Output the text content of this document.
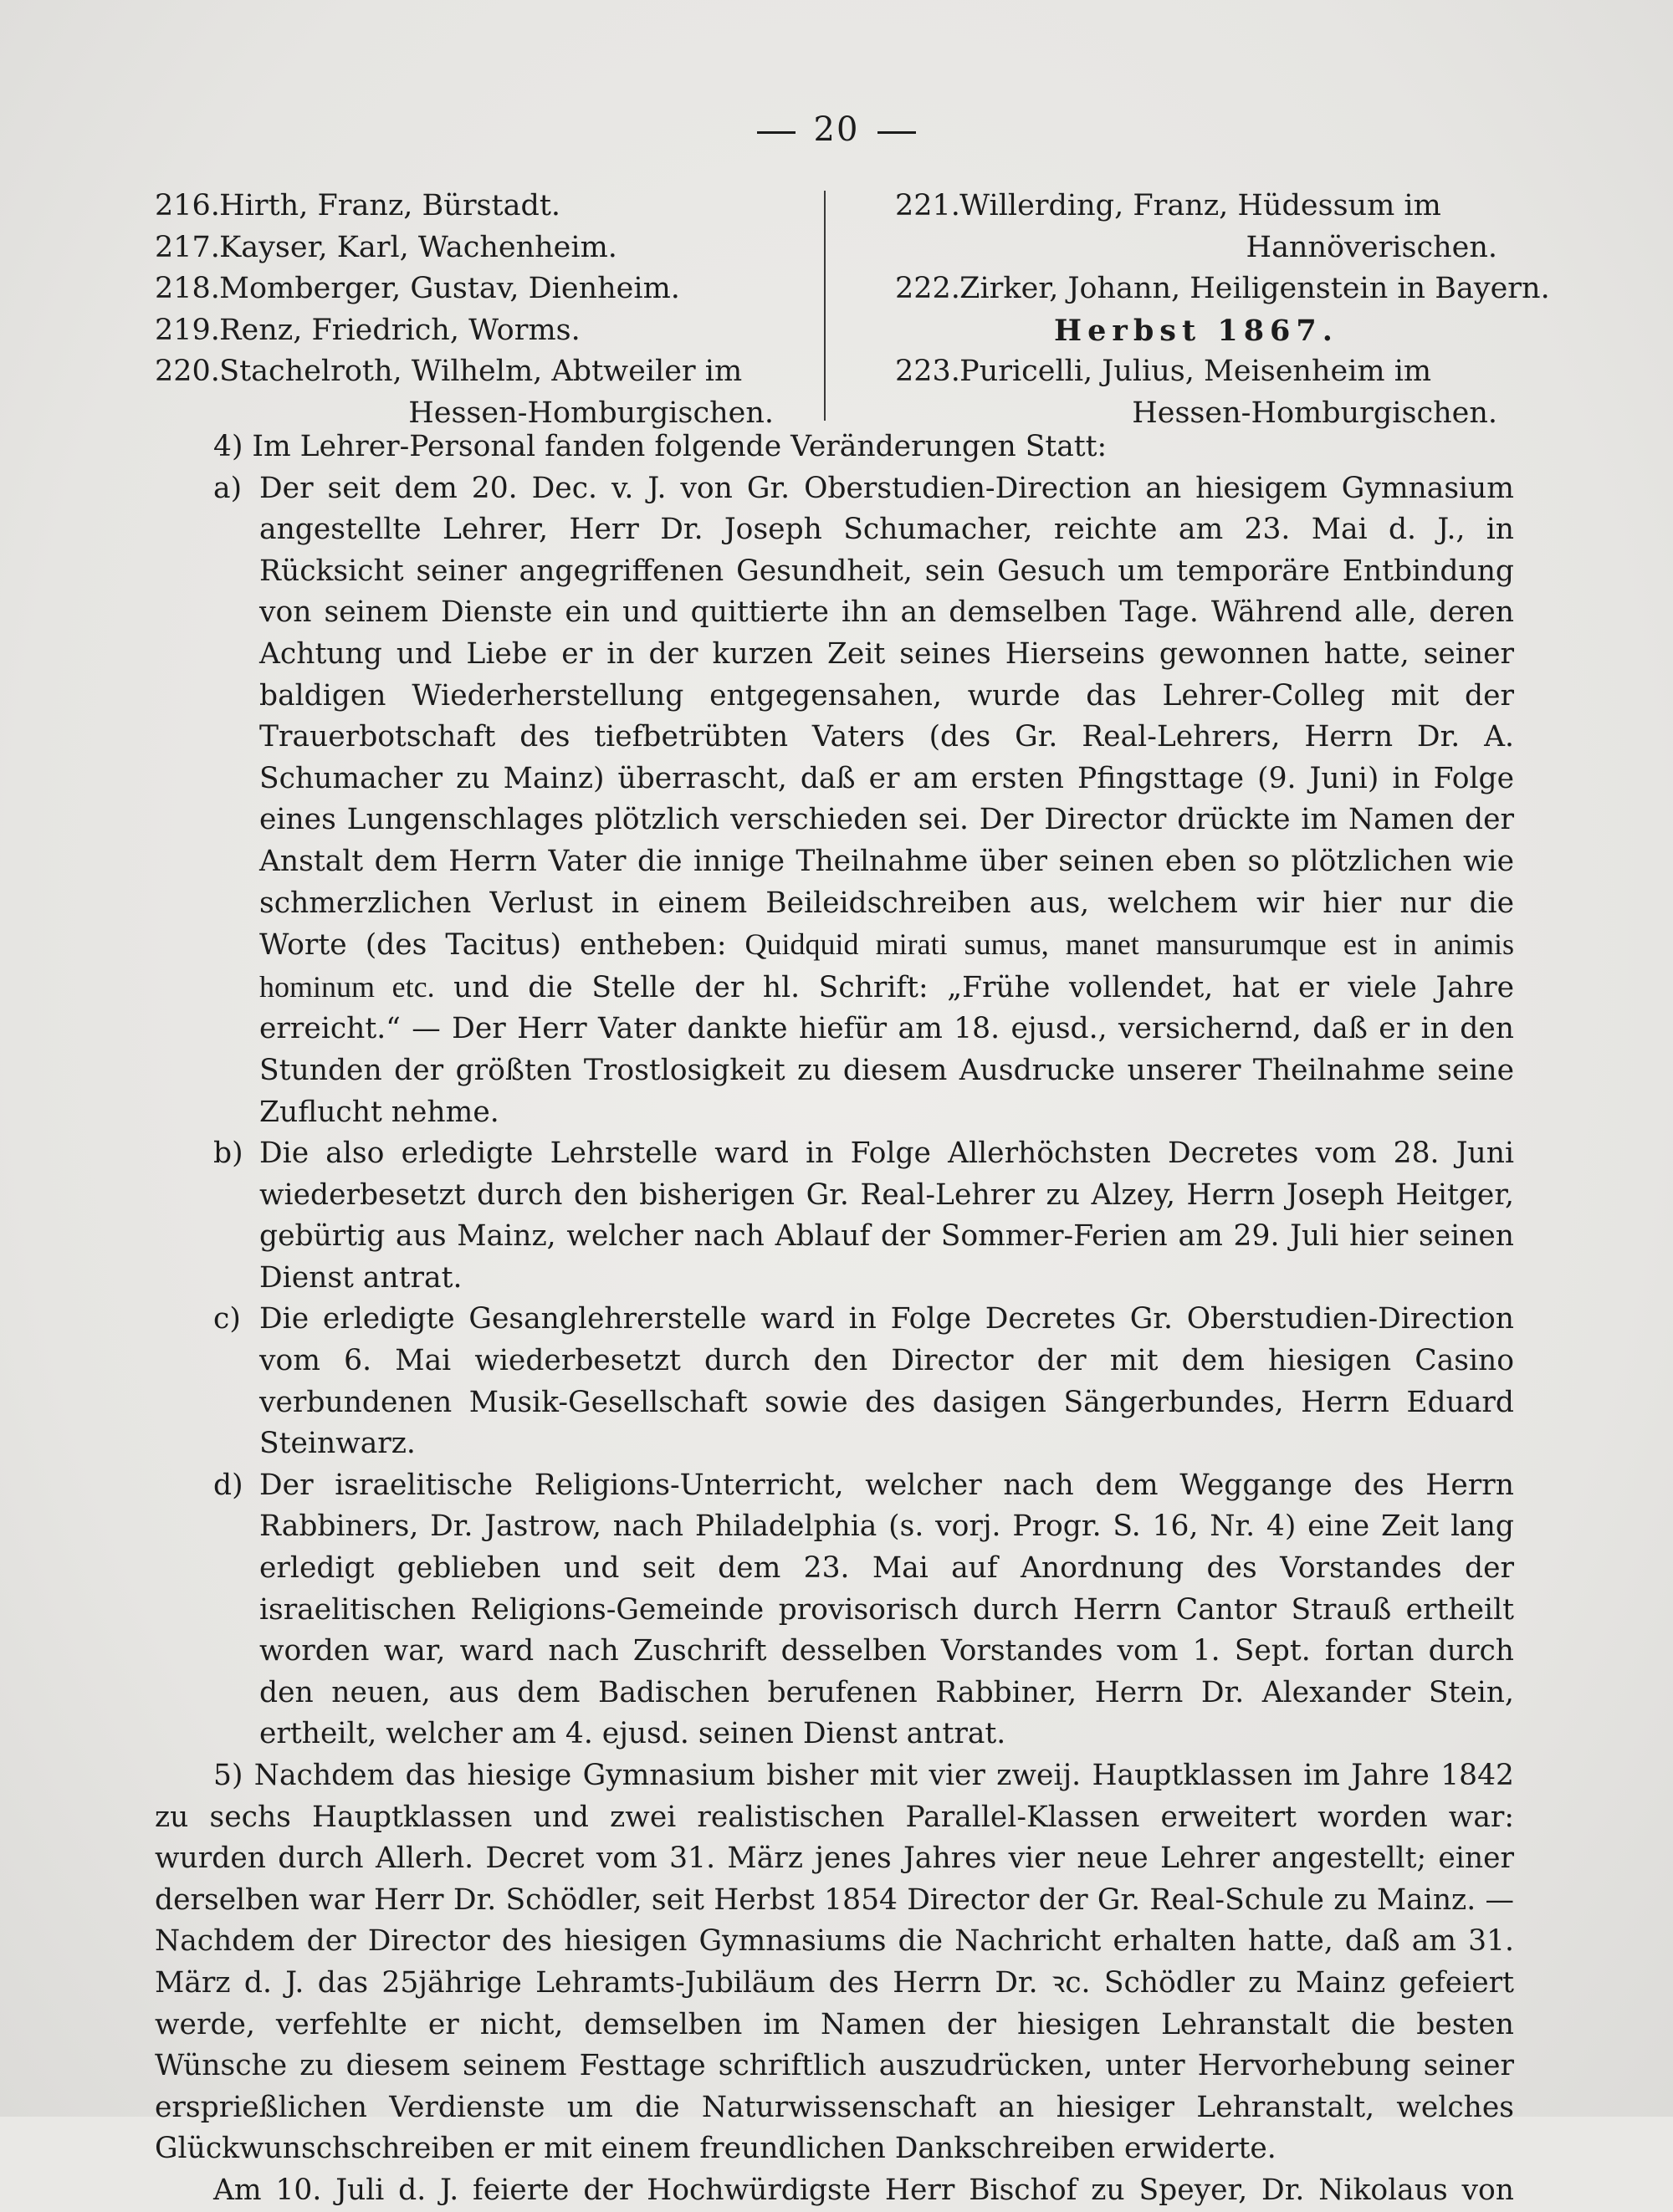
20
216. Hirth, Franz, Bürstadt.
217. Kayser, Karl, Wachenheim.
218. Momberger, Gustav, Dienheim.
219. Renz, Friedrich, Worms.
220. Stachelroth, Wilhelm, Abtweiler im
Hessen-Homburgischen.
221. Willerding, Franz, Hüdessum im
Hannöverischen.
222. Zirker, Johann, Heiligenstein in Bayern.
Herbst 1867.
223. Puricelli, Julius, Meisenheim im
Hessen-Homburgischen.

4) Im Lehrer-Personal fanden folgende Veränderungen Statt:

a) Der seit dem 20. Dec. v. J. von Gr. Oberstudien-Direction an hiesigem Gymnasium angestellte Lehrer, Herr Dr. Joseph Schumacher, reichte am 23. Mai d. J., in Rücksicht seiner angegriffenen Gesundheit, sein Gesuch um temporäre Entbindung von seinem Dienste ein und quittierte ihn an demselben Tage. Während alle, deren Achtung und Liebe er in der kurzen Zeit seines Hierseins gewonnen hatte, seiner baldigen Wiederherstellung entgegensahen, wurde das Lehrer-Colleg mit der Trauerbotschaft des tiefbetrübten Vaters (des Gr. Real-Lehrers, Herrn Dr. A. Schumacher zu Mainz) überrascht, daß er am ersten Pfingsttage (9. Juni) in Folge eines Lungenschlages plötzlich verschieden sei. Der Director drückte im Namen der Anstalt dem Herrn Vater die innige Theilnahme über seinen eben so plötzlichen wie schmerzlichen Verlust in einem Beileidschreiben aus, welchem wir hier nur die Worte (des Tacitus) entheben: Quidquid mirati sumus, manet mansurumque est in animis hominum etc. und die Stelle der hl. Schrift: „Frühe vollendet, hat er viele Jahre erreicht.“ — Der Herr Vater dankte hiefür am 18. ejusd., versichernd, daß er in den Stunden der größten Trostlosigkeit zu diesem Ausdrucke unserer Theilnahme seine Zuflucht nehme.
b) Die also erledigte Lehrstelle ward in Folge Allerhöchsten Decretes vom 28. Juni wiederbesetzt durch den bisherigen Gr. Real-Lehrer zu Alzey, Herrn Joseph Heitger, gebürtig aus Mainz, welcher nach Ablauf der Sommer-Ferien am 29. Juli hier seinen Dienst antrat.
c) Die erledigte Gesanglehrerstelle ward in Folge Decretes Gr. Oberstudien-Direction vom 6. Mai wiederbesetzt durch den Director der mit dem hiesigen Casino verbundenen Musik-Gesellschaft sowie des dasigen Sängerbundes, Herrn Eduard Steinwarz.
d) Der israelitische Religions-Unterricht, welcher nach dem Weggange des Herrn Rabbiners, Dr. Jastrow, nach Philadelphia (s. vorj. Progr. S. 16, Nr. 4) eine Zeit lang erledigt geblieben und seit dem 23. Mai auf Anordnung des Vorstandes der israelitischen Religions-Gemeinde provisorisch durch Herrn Cantor Strauß ertheilt worden war, ward nach Zuschrift desselben Vorstandes vom 1. Sept. fortan durch den neuen, aus dem Badischen berufenen Rabbiner, Herrn Dr. Alexander Stein, ertheilt, welcher am 4. ejusd. seinen Dienst antrat.

5) Nachdem das hiesige Gymnasium bisher mit vier zweij. Hauptklassen im Jahre 1842 zu sechs Hauptklassen und zwei realistischen Parallel-Klassen erweitert worden war: wurden durch Allerh. Decret vom 31. März jenes Jahres vier neue Lehrer angestellt; einer derselben war Herr Dr. Schödler, seit Herbst 1854 Director der Gr. Real-Schule zu Mainz. — Nachdem der Director des hiesigen Gymnasiums die Nachricht erhalten hatte, daß am 31. März d. J. das 25jährige Lehramts-Jubiläum des Herrn Dr. ꝛc. Schödler zu Mainz gefeiert werde, verfehlte er nicht, demselben im Namen der hiesigen Lehranstalt die besten Wünsche zu diesem seinem Festtage schriftlich auszudrücken, unter Hervorhebung seiner ersprießlichen Verdienste um die Naturwissenschaft an hiesiger Lehranstalt, welches Glückwunschschreiben er mit einem freundlichen Dankschreiben erwiderte.

Am 10. Juli d. J. feierte der Hochwürdigste Herr Bischof zu Speyer, Dr. Nikolaus von
